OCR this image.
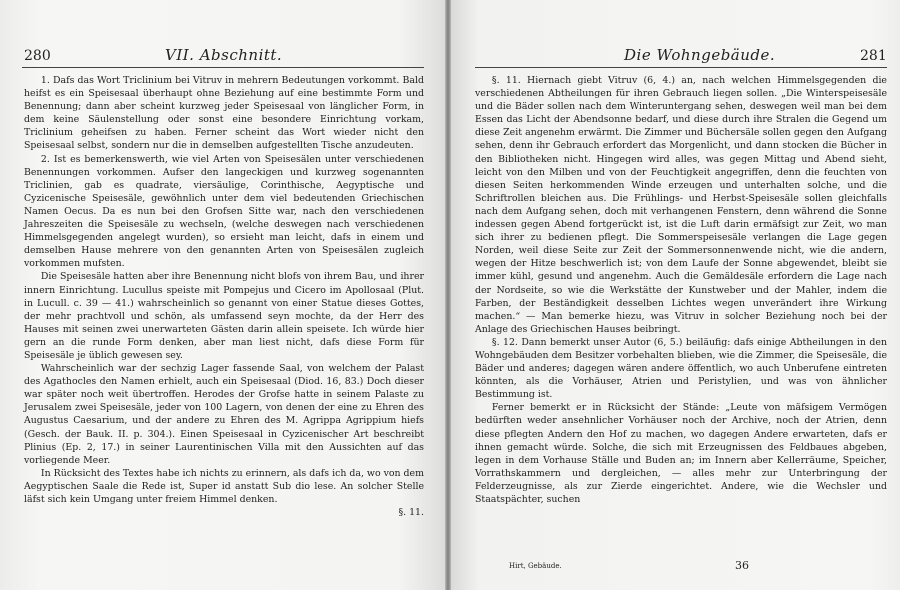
280	VII. Abschnitt.

1. Dafs das Wort Triclinium bei Vitruv in mehrern Bedeutungen vorkommt. Bald heifst es ein Speisesaal überhaupt ohne Beziehung auf eine bestimmte Form und Benennung; dann aber scheint kurzweg jeder Speisesaal von länglicher Form, in dem keine Säulenstellung oder sonst eine besondere Einrichtung vorkam, Triclinium geheifsen zu haben. Ferner scheint das Wort wieder nicht den Speisesaal selbst, sondern nur die in demselben aufgestellten Tische anzudeuten.

2. Ist es bemerkenswerth, wie viel Arten von Speisesälen unter verschiedenen Benennungen vorkommen. Aufser den langeckigen und kurzweg sogenannten Triclinien, gab es quadrate, viersäulige, Corinthische, Aegyptische und Cyzicenische Speisesäle, gewöhnlich unter dem viel bedeutenden Griechischen Namen Oecus. Da es nun bei den Grofsen Sitte war, nach den verschiedenen Jahreszeiten die Speisesäle zu wechseln, (welche deswegen nach verschiedenen Himmelsgegenden angelegt wurden), so ersieht man leicht, dafs in einem und demselben Hause mehrere von den genannten Arten von Speisesälen zugleich vorkommen mufsten.

Die Speisesäle hatten aber ihre Benennung nicht blofs von ihrem Bau, und ihrer innern Einrichtung. Lucullus speiste mit Pompejus und Cicero im Apollosaal (Plut. in Lucull. c. 39 — 41.) wahrscheinlich so genannt von einer Statue dieses Gottes, der mehr prachtvoll und schön, als umfassend seyn mochte, da der Herr des Hauses mit seinen zwei unerwarteten Gästen darin allein speisete. Ich würde hier gern an die runde Form denken, aber man liest nicht, dafs diese Form für Speisesäle je üblich gewesen sey.

Wahrscheinlich war der sechzig Lager fassende Saal, von welchem der Palast des Agathocles den Namen erhielt, auch ein Speisesaal (Diod. 16, 83.) Doch dieser war später noch weit übertroffen. Herodes der Grofse hatte in seinem Palaste zu Jerusalem zwei Speisesäle, jeder von 100 Lagern, von denen der eine zu Ehren des Augustus Caesarium, und der andere zu Ehren des M. Agrippa Agrippium hiefs (Gesch. der Bauk. II. p. 304.). Einen Speisesaal in Cyzicenischer Art beschreibt Plinius (Ep. 2, 17.) in seiner Laurentinischen Villa mit den Aussichten auf das vorliegende Meer.

In Rücksicht des Textes habe ich nichts zu erinnern, als dafs ich da, wo von dem Aegyptischen Saale die Rede ist, Super id anstatt Sub dio lese. An solcher Stelle läfst sich kein Umgang unter freiem Himmel denken.

§. 11.

Die Wohngebäude.	281

§. 11. Hiernach giebt Vitruv (6, 4.) an, nach welchen Himmelsgegenden die verschiedenen Abtheilungen für ihren Gebrauch liegen sollen. „Die Winterspeisesäle und die Bäder sollen nach dem Winteruntergang sehen, deswegen weil man bei dem Essen das Licht der Abendsonne bedarf, und diese durch ihre Stralen die Gegend um diese Zeit angenehm erwärmt. Die Zimmer und Büchersäle sollen gegen den Aufgang sehen, denn ihr Gebrauch erfordert das Morgenlicht, und dann stocken die Bücher in den Bibliotheken nicht. Hingegen wird alles, was gegen Mittag und Abend sieht, leicht von den Milben und von der Feuchtigkeit angegriffen, denn die feuchten von diesen Seiten herkommenden Winde erzeugen und unterhalten solche, und die Schriftrollen bleichen aus. Die Frühlings- und Herbst-Speisesäle sollen gleichfalls nach dem Aufgang sehen, doch mit verhangenen Fenstern, denn während die Sonne indessen gegen Abend fortgerückt ist, ist die Luft darin ermäfsigt zur Zeit, wo man sich ihrer zu bedienen pflegt. Die Sommerspeisesäle verlangen die Lage gegen Norden, weil diese Seite zur Zeit der Sommersonnenwende nicht, wie die andern, wegen der Hitze beschwerlich ist; von dem Laufe der Sonne abgewendet, bleibt sie immer kühl, gesund und angenehm. Auch die Gemäldesäle erfordern die Lage nach der Nordseite, so wie die Werkstätte der Kunstweber und der Mahler, indem die Farben, der Beständigkeit desselben Lichtes wegen unverändert ihre Wirkung machen.“ — Man bemerke hiezu, was Vitruv in solcher Beziehung noch bei der Anlage des Griechischen Hauses beibringt.

§. 12. Dann bemerkt unser Autor (6, 5.) beiläufig: dafs einige Abtheilungen in den Wohngebäuden dem Besitzer vorbehalten blieben, wie die Zimmer, die Speisesäle, die Bäder und anderes; dagegen wären andere öffentlich, wo auch Unberufene eintreten könnten, als die Vorhäuser, Atrien und Peristylien, und was von ähnlicher Bestimmung ist.

Ferner bemerkt er in Rücksicht der Stände: „Leute von mäfsigem Vermögen bedürften weder ansehnlicher Vorhäuser noch der Archive, noch der Atrien, denn diese pflegten Andern den Hof zu machen, wo dagegen Andere erwarteten, dafs er ihnen gemacht würde. Solche, die sich mit Erzeugnissen des Feldbaues abgeben, legen in dem Vorhause Ställe und Buden an; im Innern aber Kellerräume, Speicher, Vorrathskammern und dergleichen, — alles mehr zur Unterbringung der Felderzeugnisse, als zur Zierde eingerichtet. Andere, wie die Wechsler und Staatspächter, suchen

Hirt, Gebäude.	36
